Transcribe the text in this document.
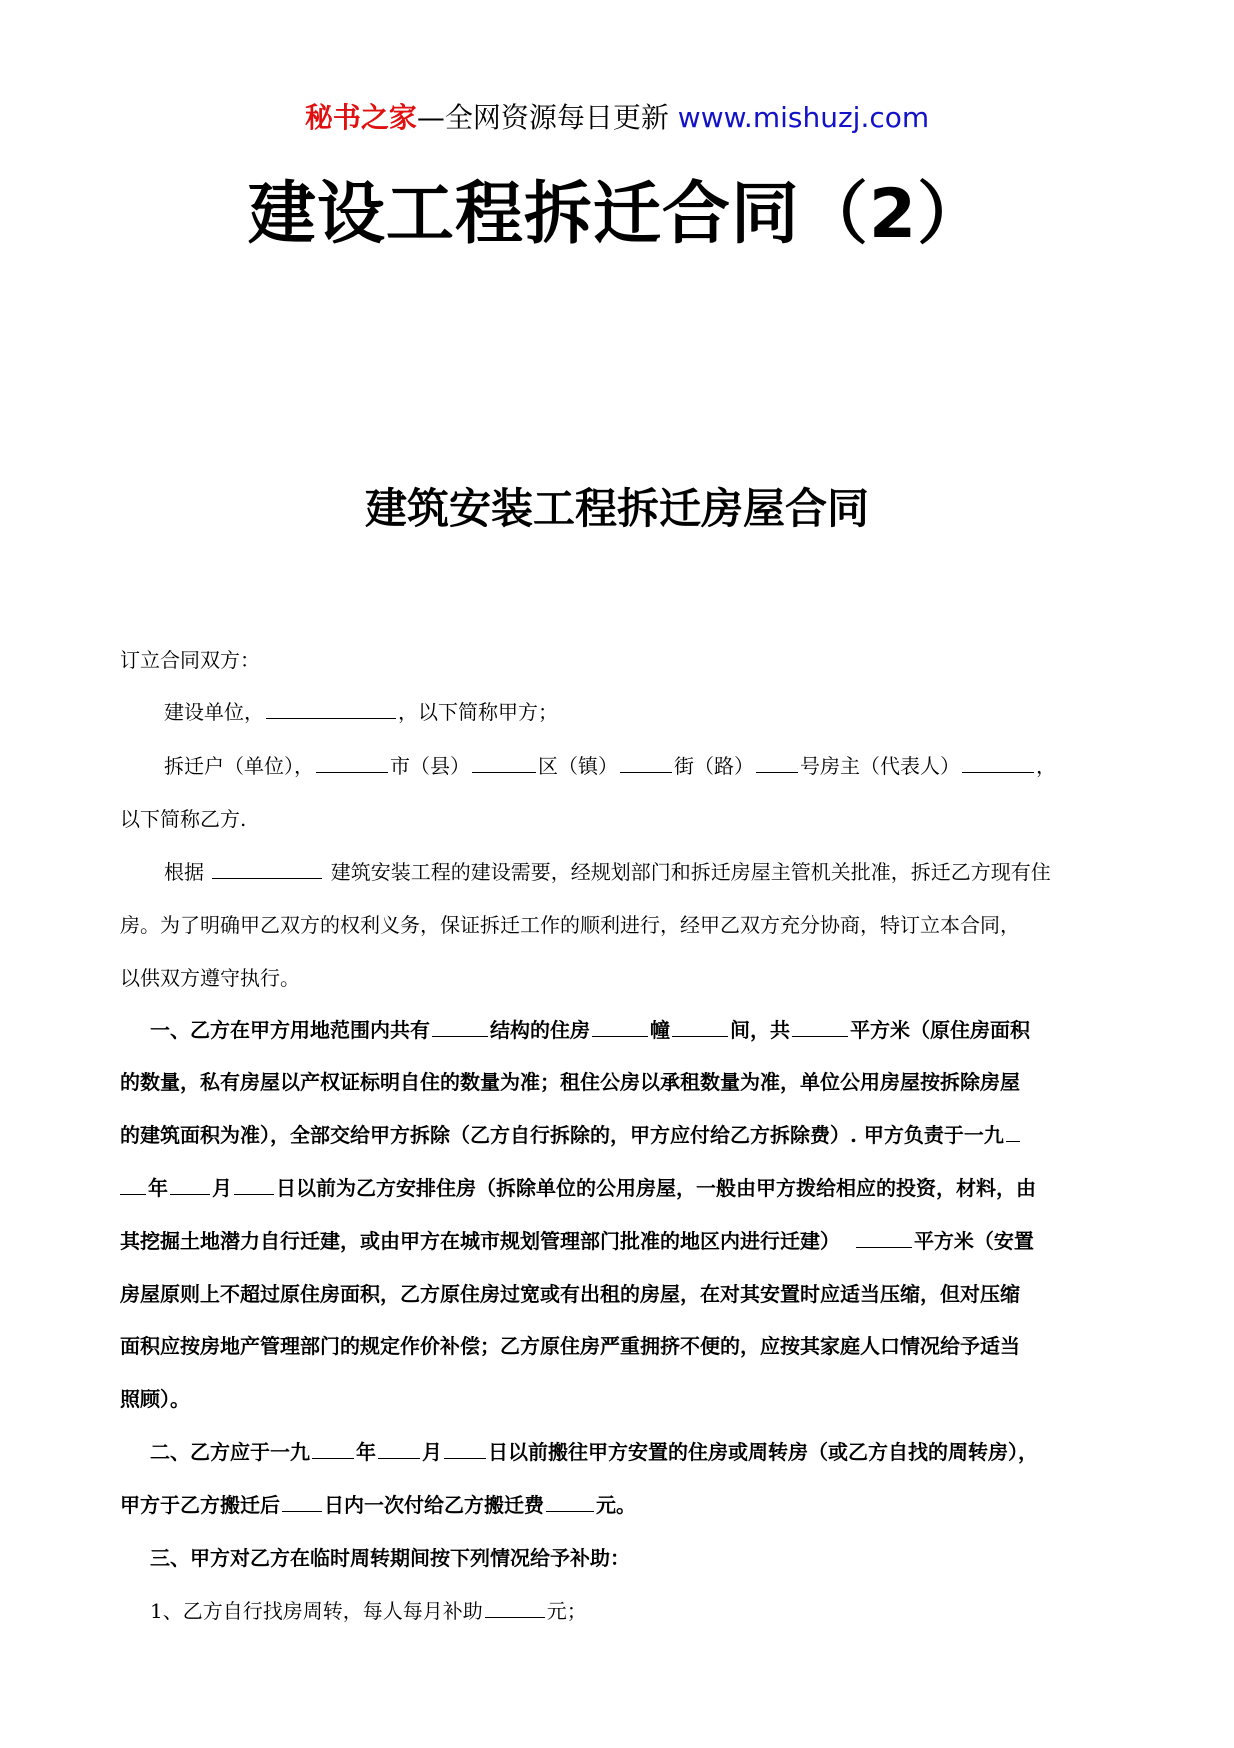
秘书之家—全网资源每日更新 www.mishuzj.com
建设工程拆迁合同（2）
建筑安装工程拆迁房屋合同
订立合同双方：
建设单位，	，以下简称甲方；
拆迁户（单位），	市（县）	区（镇）	街（路） 号房主（代表人）	，
以下简称乙方.
根据	建筑安装工程的建设需要，经规划部门和拆迁房屋主管机关批准，拆迁乙方现有住
房。为了明确甲乙双方的权利义务，保证拆迁工作的顺利进行，经甲乙双方充分协商，特订立本合同，
以供双方遵守执行。
一、乙方在甲方用地范围内共有	结构的住房	幢	间，共	平方米（原住房面积
的数量，私有房屋以产权证标明自住的数量为准；租住公房以承租数量为准，单位公用房屋按拆除房屋
的建筑面积为准），全部交给甲方拆除（乙方自行拆除的，甲方应付给乙方拆除费）. 甲方负责于一九
年 月 日以前为乙方安排住房（拆除单位的公用房屋，一般由甲方拨给相应的投资，材料，由
其挖掘土地潜力自行迁建，或由甲方在城市规划管理部门批准的地区内进行迁建）	平方米（安置
房屋原则上不超过原住房面积，乙方原住房过宽或有出租的房屋，在对其安置时应适当压缩，但对压缩
面积应按房地产管理部门的规定作价补偿；乙方原住房严重拥挤不便的，应按其家庭人口情况给予适当
照顾）。
二、乙方应于一九 年 月 日以前搬往甲方安置的住房或周转房（或乙方自找的周转房），
甲方于乙方搬迁后 日内一次付给乙方搬迁费	元。
三、甲方对乙方在临时周转期间按下列情况给予补助：
1、乙方自行找房周转，每人每月补助	元；
